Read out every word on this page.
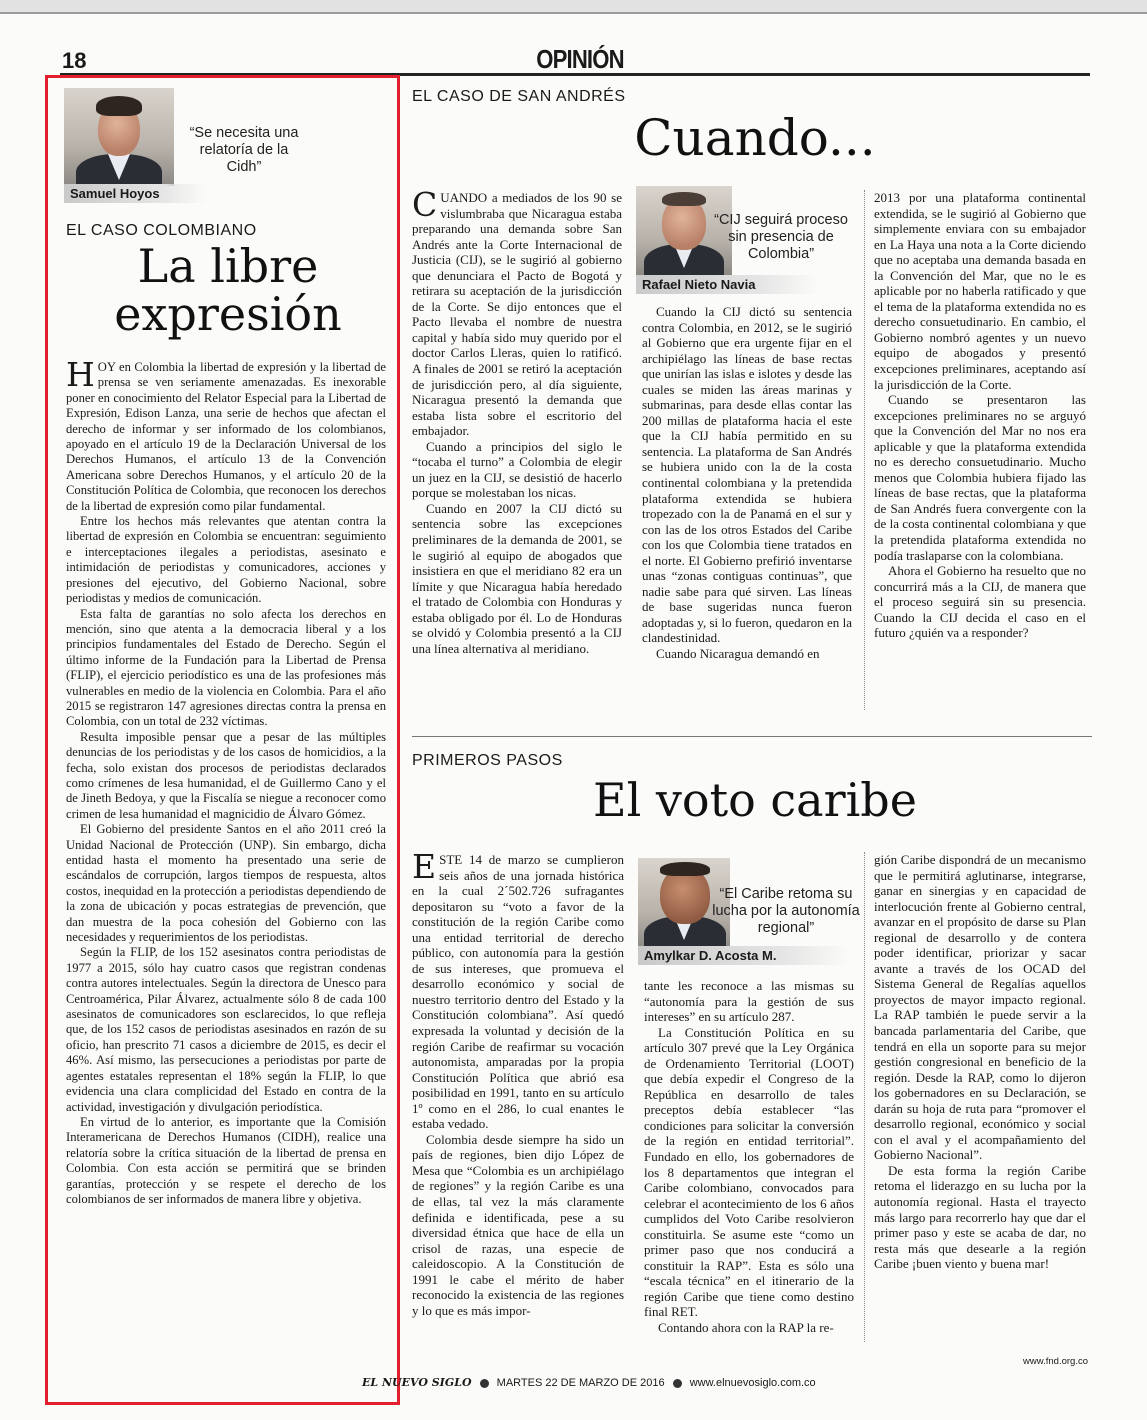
18	OPINIÓN
Samuel Hoyos
“Se necesita una relatoría de la Cidh”
EL CASO COLOMBIANO
La libre
expresión

HOY en Colombia la libertad de expresión y la libertad de prensa se ven seriamente amenazadas. Es inexorable poner en conocimiento del Relator Especial para la Libertad de Expresión, Edison Lanza, una serie de hechos que afectan el derecho de informar y ser informado de los colombianos, apoyado en el artículo 19 de la Declaración Universal de los Derechos Humanos, el artículo 13 de la Convención Americana sobre Derechos Humanos, y el artículo 20 de la Constitución Política de Colombia, que reconocen los derechos de la libertad de expresión como pilar fundamental.

Entre los hechos más relevantes que atentan contra la libertad de expresión en Colombia se encuentran: seguimiento e interceptaciones ilegales a periodistas, asesinato e intimidación de periodistas y comunicadores, acciones y presiones del ejecutivo, del Gobierno Nacional, sobre periodistas y medios de comunicación.

Esta falta de garantías no solo afecta los derechos en mención, sino que atenta a la democracia liberal y a los principios fundamentales del Estado de Derecho. Según el último informe de la Fundación para la Libertad de Prensa (FLIP), el ejercicio periodístico es una de las profesiones más vulnerables en medio de la violencia en Colombia. Para el año 2015 se registraron 147 agresiones directas contra la prensa en Colombia, con un total de 232 víctimas.

Resulta imposible pensar que a pesar de las múltiples denuncias de los periodistas y de los casos de homicidios, a la fecha, solo existan dos procesos de periodistas declarados como crímenes de lesa humanidad, el de Guillermo Cano y el de Jineth Bedoya, y que la Fiscalía se niegue a reconocer como crimen de lesa humanidad el magnicidio de Álvaro Gómez.

El Gobierno del presidente Santos en el año 2011 creó la Unidad Nacional de Protección (UNP). Sin embargo, dicha entidad hasta el momento ha presentado una serie de escándalos de corrupción, largos tiempos de respuesta, altos costos, inequidad en la protección a periodistas dependiendo de la zona de ubicación y pocas estrategias de prevención, que dan muestra de la poca cohesión del Gobierno con las necesidades y requerimientos de los periodistas.

Según la FLIP, de los 152 asesinatos contra periodistas de 1977 a 2015, sólo hay cuatro casos que registran condenas contra autores intelectuales. Según la directora de Unesco para Centroamérica, Pilar Álvarez, actualmente sólo 8 de cada 100 asesinatos de comunicadores son esclarecidos, lo que refleja que, de los 152 casos de periodistas asesinados en razón de su oficio, han prescrito 71 casos a diciembre de 2015, es decir el 46%. Así mismo, las persecuciones a periodistas por parte de agentes estatales representan el 18% según la FLIP, lo que evidencia una clara complicidad del Estado en contra de la actividad, investigación y divulgación periodística.

En virtud de lo anterior, es importante que la Comisión Interamericana de Derechos Humanos (CIDH), realice una relatoría sobre la crítica situación de la libertad de prensa en Colombia. Con esta acción se permitirá que se brinden garantías, protección y se respete el derecho de los colombianos de ser informados de manera libre y objetiva.

EL CASO DE SAN ANDRÉS
Cuando...

CUANDO a mediados de los 90 se vislumbraba que Nicaragua estaba preparando una demanda sobre San Andrés ante la Corte Internacional de Justicia (CIJ), se le sugirió al gobierno que denunciara el Pacto de Bogotá y retirara su aceptación de la jurisdicción de la Corte. Se dijo entonces que el Pacto llevaba el nombre de nuestra capital y había sido muy querido por el doctor Carlos Lleras, quien lo ratificó. A finales de 2001 se retiró la aceptación de jurisdicción pero, al día siguiente, Nicaragua presentó la demanda que estaba lista sobre el escritorio del embajador.

Cuando a principios del siglo le “tocaba el turno” a Colombia de elegir un juez en la CIJ, se desistió de hacerlo porque se molestaban los nicas.

Cuando en 2007 la CIJ dictó su sentencia sobre las excepciones preliminares de la demanda de 2001, se le sugirió al equipo de abogados que insistiera en que el meridiano 82 era un límite y que Nicaragua había heredado el tratado de Colombia con Honduras y estaba obligado por él. Lo de Honduras se olvidó y Colombia presentó a la CIJ una línea alternativa al meridiano.

Rafael Nieto Navia
“CIJ seguirá proceso sin presencia de Colombia”

Cuando la CIJ dictó su sentencia contra Colombia, en 2012, se le sugirió al Gobierno que era urgente fijar en el archipiélago las líneas de base rectas que unirían las islas e islotes y desde las cuales se miden las áreas marinas y submarinas, para desde ellas contar las 200 millas de plataforma hacia el este que la CIJ había permitido en su sentencia. La plataforma de San Andrés se hubiera unido con la de la costa continental colombiana y la pretendida plataforma extendida se hubiera tropezado con la de Panamá en el sur y con las de los otros Estados del Caribe con los que Colombia tiene tratados en el norte. El Gobierno prefirió inventarse unas “zonas contiguas continuas”, que nadie sabe para qué sirven. Las líneas de base sugeridas nunca fueron adoptadas y, si lo fueron, quedaron en la clandestinidad.

Cuando Nicaragua demandó en

2013 por una plataforma continental extendida, se le sugirió al Gobierno que simplemente enviara con su embajador en La Haya una nota a la Corte diciendo que no aceptaba una demanda basada en la Convención del Mar, que no le es aplicable por no haberla ratificado y que el tema de la plataforma extendida no es derecho consuetudinario. En cambio, el Gobierno nombró agentes y un nuevo equipo de abogados y presentó excepciones preliminares, aceptando así la jurisdicción de la Corte.

Cuando se presentaron las excepciones preliminares no se arguyó que la Convención del Mar no nos era aplicable y que la plataforma extendida no es derecho consuetudinario. Mucho menos que Colombia hubiera fijado las líneas de base rectas, que la plataforma de San Andrés fuera convergente con la de la costa continental colombiana y que la pretendida plataforma extendida no podía traslaparse con la colombiana.

Ahora el Gobierno ha resuelto que no concurrirá más a la CIJ, de manera que el proceso seguirá sin su presencia. Cuando la CIJ decida el caso en el futuro ¿quién va a responder?

PRIMEROS PASOS
El voto caribe

ESTE 14 de marzo se cumplieron seis años de una jornada histórica en la cual 2´502.726 sufragantes depositaron su “voto a favor de la constitución de la región Caribe como una entidad territorial de derecho público, con autonomía para la gestión de sus intereses, que promueva el desarrollo económico y social de nuestro territorio dentro del Estado y la Constitución colombiana”. Así quedó expresada la voluntad y decisión de la región Caribe de reafirmar su vocación autonomista, amparadas por la propia Constitución Política que abrió esa posibilidad en 1991, tanto en su artículo 1º como en el 286, lo cual enantes le estaba vedado.

Colombia desde siempre ha sido un país de regiones, bien dijo López de Mesa que “Colombia es un archipiélago de regiones” y la región Caribe es una de ellas, tal vez la más claramente definida e identificada, pese a su diversidad étnica que hace de ella un crisol de razas, una especie de caleidoscopio. A la Constitución de 1991 le cabe el mérito de haber reconocido la existencia de las regiones y lo que es más impor-

Amylkar D. Acosta M.
“El Caribe retoma su lucha por la autonomía regional”

tante les reconoce a las mismas su “autonomía para la gestión de sus intereses” en su artículo 287.

La Constitución Política en su artículo 307 prevé que la Ley Orgánica de Ordenamiento Territorial (LOOT) que debía expedir el Congreso de la República en desarrollo de tales preceptos debía establecer “las condiciones para solicitar la conversión de la región en entidad territorial”. Fundado en ello, los gobernadores de los 8 departamentos que integran el Caribe colombiano, convocados para celebrar el acontecimiento de los 6 años cumplidos del Voto Caribe resolvieron constituirla. Se asume este “como un primer paso que nos conducirá a constituir la RAP”. Esta es sólo una “escala técnica” en el itinerario de la región Caribe que tiene como destino final RET.

Contando ahora con la RAP la re-

gión Caribe dispondrá de un mecanismo que le permitirá aglutinarse, integrarse, ganar en sinergias y en capacidad de interlocución frente al Gobierno central, avanzar en el propósito de darse su Plan regional de desarrollo y de contera poder identificar, priorizar y sacar avante a través de los OCAD del Sistema General de Regalías aquellos proyectos de mayor impacto regional. La RAP también le puede servir a la bancada parlamentaria del Caribe, que tendrá en ella un soporte para su mejor gestión congresional en beneficio de la región. Desde la RAP, como lo dijeron los gobernadores en su Declaración, se darán su hoja de ruta para “promover el desarrollo regional, económico y social con el aval y el acompañamiento del Gobierno Nacional”.

De esta forma la región Caribe retoma el liderazgo en su lucha por la autonomía regional. Hasta el trayecto más largo para recorrerlo hay que dar el primer paso y este se acaba de dar, no resta más que desearle a la región Caribe ¡buen viento y buena mar!

www.fnd.org.co
EL NUEVO SIGLO MARTES 22 DE MARZO DE 2016 www.elnuevosiglo.com.co
